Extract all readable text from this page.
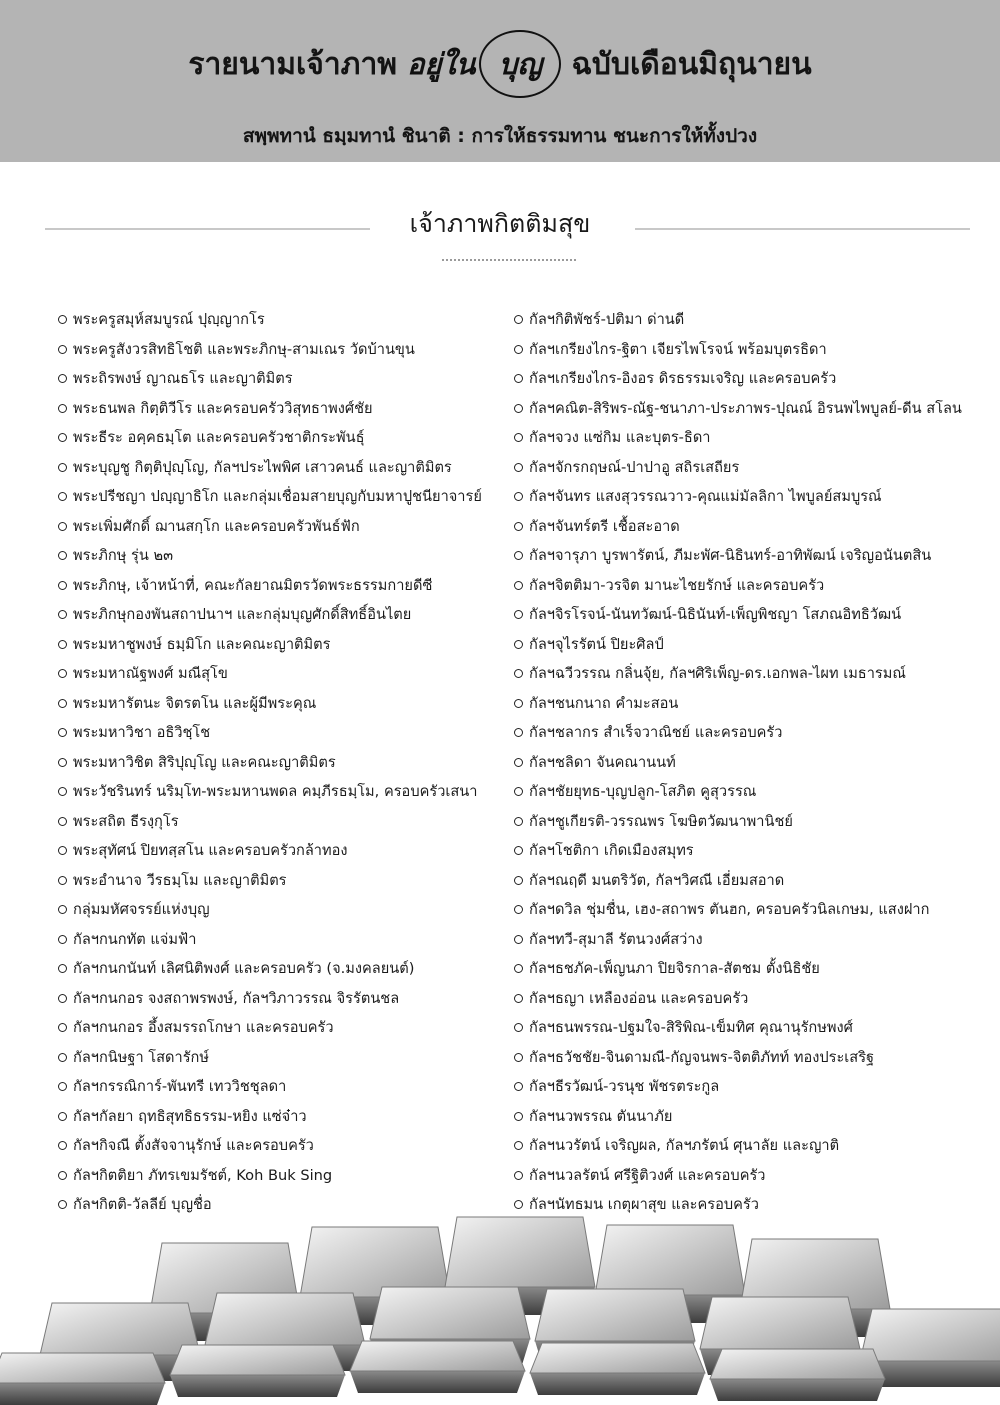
รายนามเจ้าภาพ อยู่ใน บุญ ฉบับเดือนมิถุนายน
สพฺพทานํ ธมฺมทานํ ชินาติ : การให้ธรรมทาน ชนะการให้ทั้งปวง
เจ้าภาพกิตติมสุข
พระครูสมุห์สมบูรณ์ ปุญฺญากโร
พระครูสังวรสิทธิโชติ และพระภิกษุ-สามเณร วัดบ้านขุน
พระถิรพงษ์ ญาณธโร และญาติมิตร
พระธนพล กิตฺติวีโร และครอบครัววิสุทธาพงศ์ชัย
พระธีระ อคฺคธมฺโต และครอบครัวชาติกระพันธุ์
พระบุญชู กิตฺติปุญฺโญ, กัลฯประไพพิศ เสาวคนธ์ และญาติมิตร
พระปรีชญา ปญฺญาธิโก และกลุ่มเชื่อมสายบุญกับมหาปูชนียาจารย์
พระเพิ่มศักดิ์ ฌานสกฺโก และครอบครัวพันธ์ฟัก
พระภิกษุ รุ่น ๒๓
พระภิกษุ, เจ้าหน้าที่, คณะกัลยาณมิตรวัดพระธรรมกายดีซี
พระภิกษุกองพันสถาปนาฯ และกลุ่มบุญศักดิ์สิทธิ์อินไตย
พระมหาชูพงษ์ ธมฺมิโก และคณะญาติมิตร
พระมหาณัฐพงศ์ มณีสุโข
พระมหารัตนะ จิตรตโน และผู้มีพระคุณ
พระมหาวิชา อธิวิชฺโช
พระมหาวิชิต สิริปุญฺโญ และคณะญาติมิตร
พระวัชรินทร์ นริมฺโท-พระมหานพดล คมฺภีรธมฺโม, ครอบครัวเสนา
พระสถิต ธีรงฺกุโร
พระสุทัศน์ ปิยทสฺสโน และครอบครัวกล้าทอง
พระอำนาจ วีรธมฺโม และญาติมิตร
กลุ่มมหัศจรรย์แห่งบุญ
กัลฯกนกทัต แจ่มฟ้า
กัลฯกนกนันท์ เลิศนิติพงศ์ และครอบครัว (จ.มงคลยนต์)
กัลฯกนกอร จงสถาพรพงษ์, กัลฯวิภาวรรณ จิรรัตนชล
กัลฯกนกอร อึ้งสมรรถโกษา และครอบครัว
กัลฯกนิษฐา โสดารักษ์
กัลฯกรรณิการ์-พันทรี เทววิชชุลดา
กัลฯกัลยา ฤทธิสุทธิธรรม-หยิง แซ่จ๋าว
กัลฯกิจณี ตั้งสัจจานุรักษ์ และครอบครัว
กัลฯกิตติยา ภัทรเขมรัชต์, Koh Buk Sing
กัลฯกิตติ-วัลลีย์ บุญชื่อ
กัลฯกิติพัชร์-ปติมา ด่านดี
กัลฯเกรียงไกร-ฐิตา เจียรไพโรจน์ พร้อมบุตรธิดา
กัลฯเกรียงไกร-อิงอร ดิรธรรมเจริญ และครอบครัว
กัลฯคณิต-สิริพร-ณัฐ-ชนาภา-ประภาพร-ปุณณ์ อิรนพไพบูลย์-ดีน สโลน
กัลฯจวง แซ่กิม และบุตร-ธิดา
กัลฯจักรกฤษณ์-ปาปาอู สถิรเสถียร
กัลฯจันทร แสงสุวรรณวาว-คุณแม่มัลลิกา ไพบูลย์สมบูรณ์
กัลฯจันทร์ตรี เชื้อสะอาด
กัลฯจารุภา บูรพารัตน์, ภีมะพัศ-นิธินทร์-อาทิพัฒน์ เจริญอนันตสิน
กัลฯจิตติมา-วรจิต มานะไชยรักษ์ และครอบครัว
กัลฯจิรโรจน์-นันทวัฒน์-นิธินันท์-เพ็ญพิชญา โสภณอิทธิวัฒน์
กัลฯจุไรรัตน์ ปิยะศิลป์
กัลฯฉวีวรรณ กลิ่นจุ้ย, กัลฯศิริเพ็ญ-ดร.เอกพล-ไผท เมธารมณ์
กัลฯชนกนาถ คำมะสอน
กัลฯชลากร สำเร็จวาณิชย์ และครอบครัว
กัลฯชลิดา จันคณานนท์
กัลฯชัยยุทธ-บุญปลูก-โสภิต คูสุวรรณ
กัลฯชูเกียรติ-วรรณพร โฆษิตวัฒนาพานิชย์
กัลฯโชติกา เกิดเมืองสมุทร
กัลฯณฤดี มนตริวัต, กัลฯวิศณี เอี่ยมสอาด
กัลฯดวิล ชุ่มชื่น, เฮง-สถาพร ตันฮก, ครอบครัวนิลเกษม, แสงฝาก
กัลฯทวี-สุมาลี รัตนวงศ์สว่าง
กัลฯธชภัค-เพ็ญนภา ปิยจิรกาล-สัตชม ตั้งนิธิชัย
กัลฯธญา เหลืองอ่อน และครอบครัว
กัลฯธนพรรณ-ปฐมใจ-สิริพิณ-เข็มทิศ คุณานุรักษพงศ์
กัลฯธวัชชัย-จินดามณี-กัญจนพร-จิตติภัทท์ ทองประเสริฐ
กัลฯธีรวัฒน์-วรนุช พัชรตระกูล
กัลฯนวพรรณ ตันนาภัย
กัลฯนวรัตน์ เจริญผล, กัลฯภรัตน์ ศุนาลัย และญาติ
กัลฯนวลรัตน์ ศรีฐิติวงศ์ และครอบครัว
กัลฯนัทธมน เกตุผาสุข และครอบครัว
